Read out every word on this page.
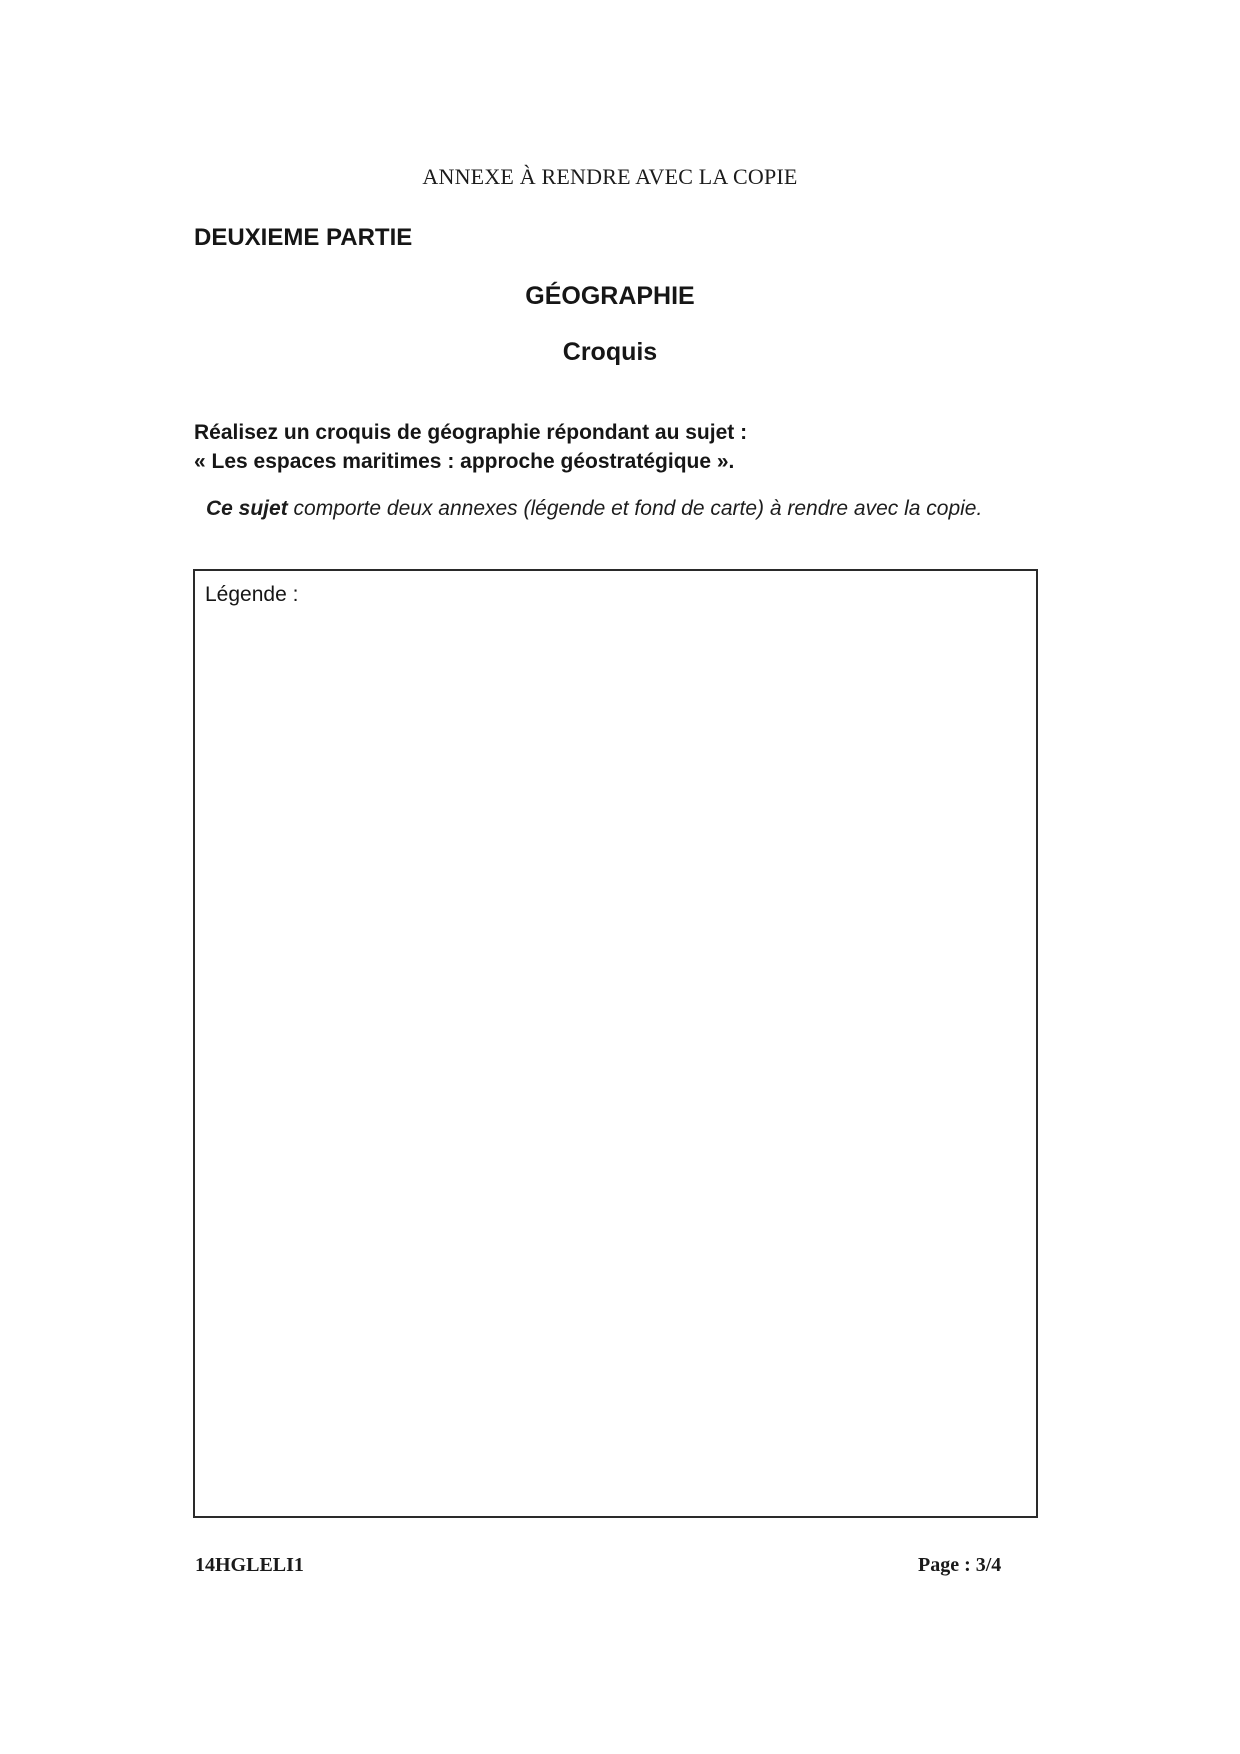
ANNEXE À RENDRE AVEC LA COPIE
DEUXIEME PARTIE
GÉOGRAPHIE
Croquis
Réalisez un croquis de géographie répondant au sujet :
« Les espaces maritimes : approche géostratégique ».
Ce sujet comporte deux annexes (légende et fond de carte) à rendre avec la copie.
Légende :
14HGLELI1	Page : 3/4
